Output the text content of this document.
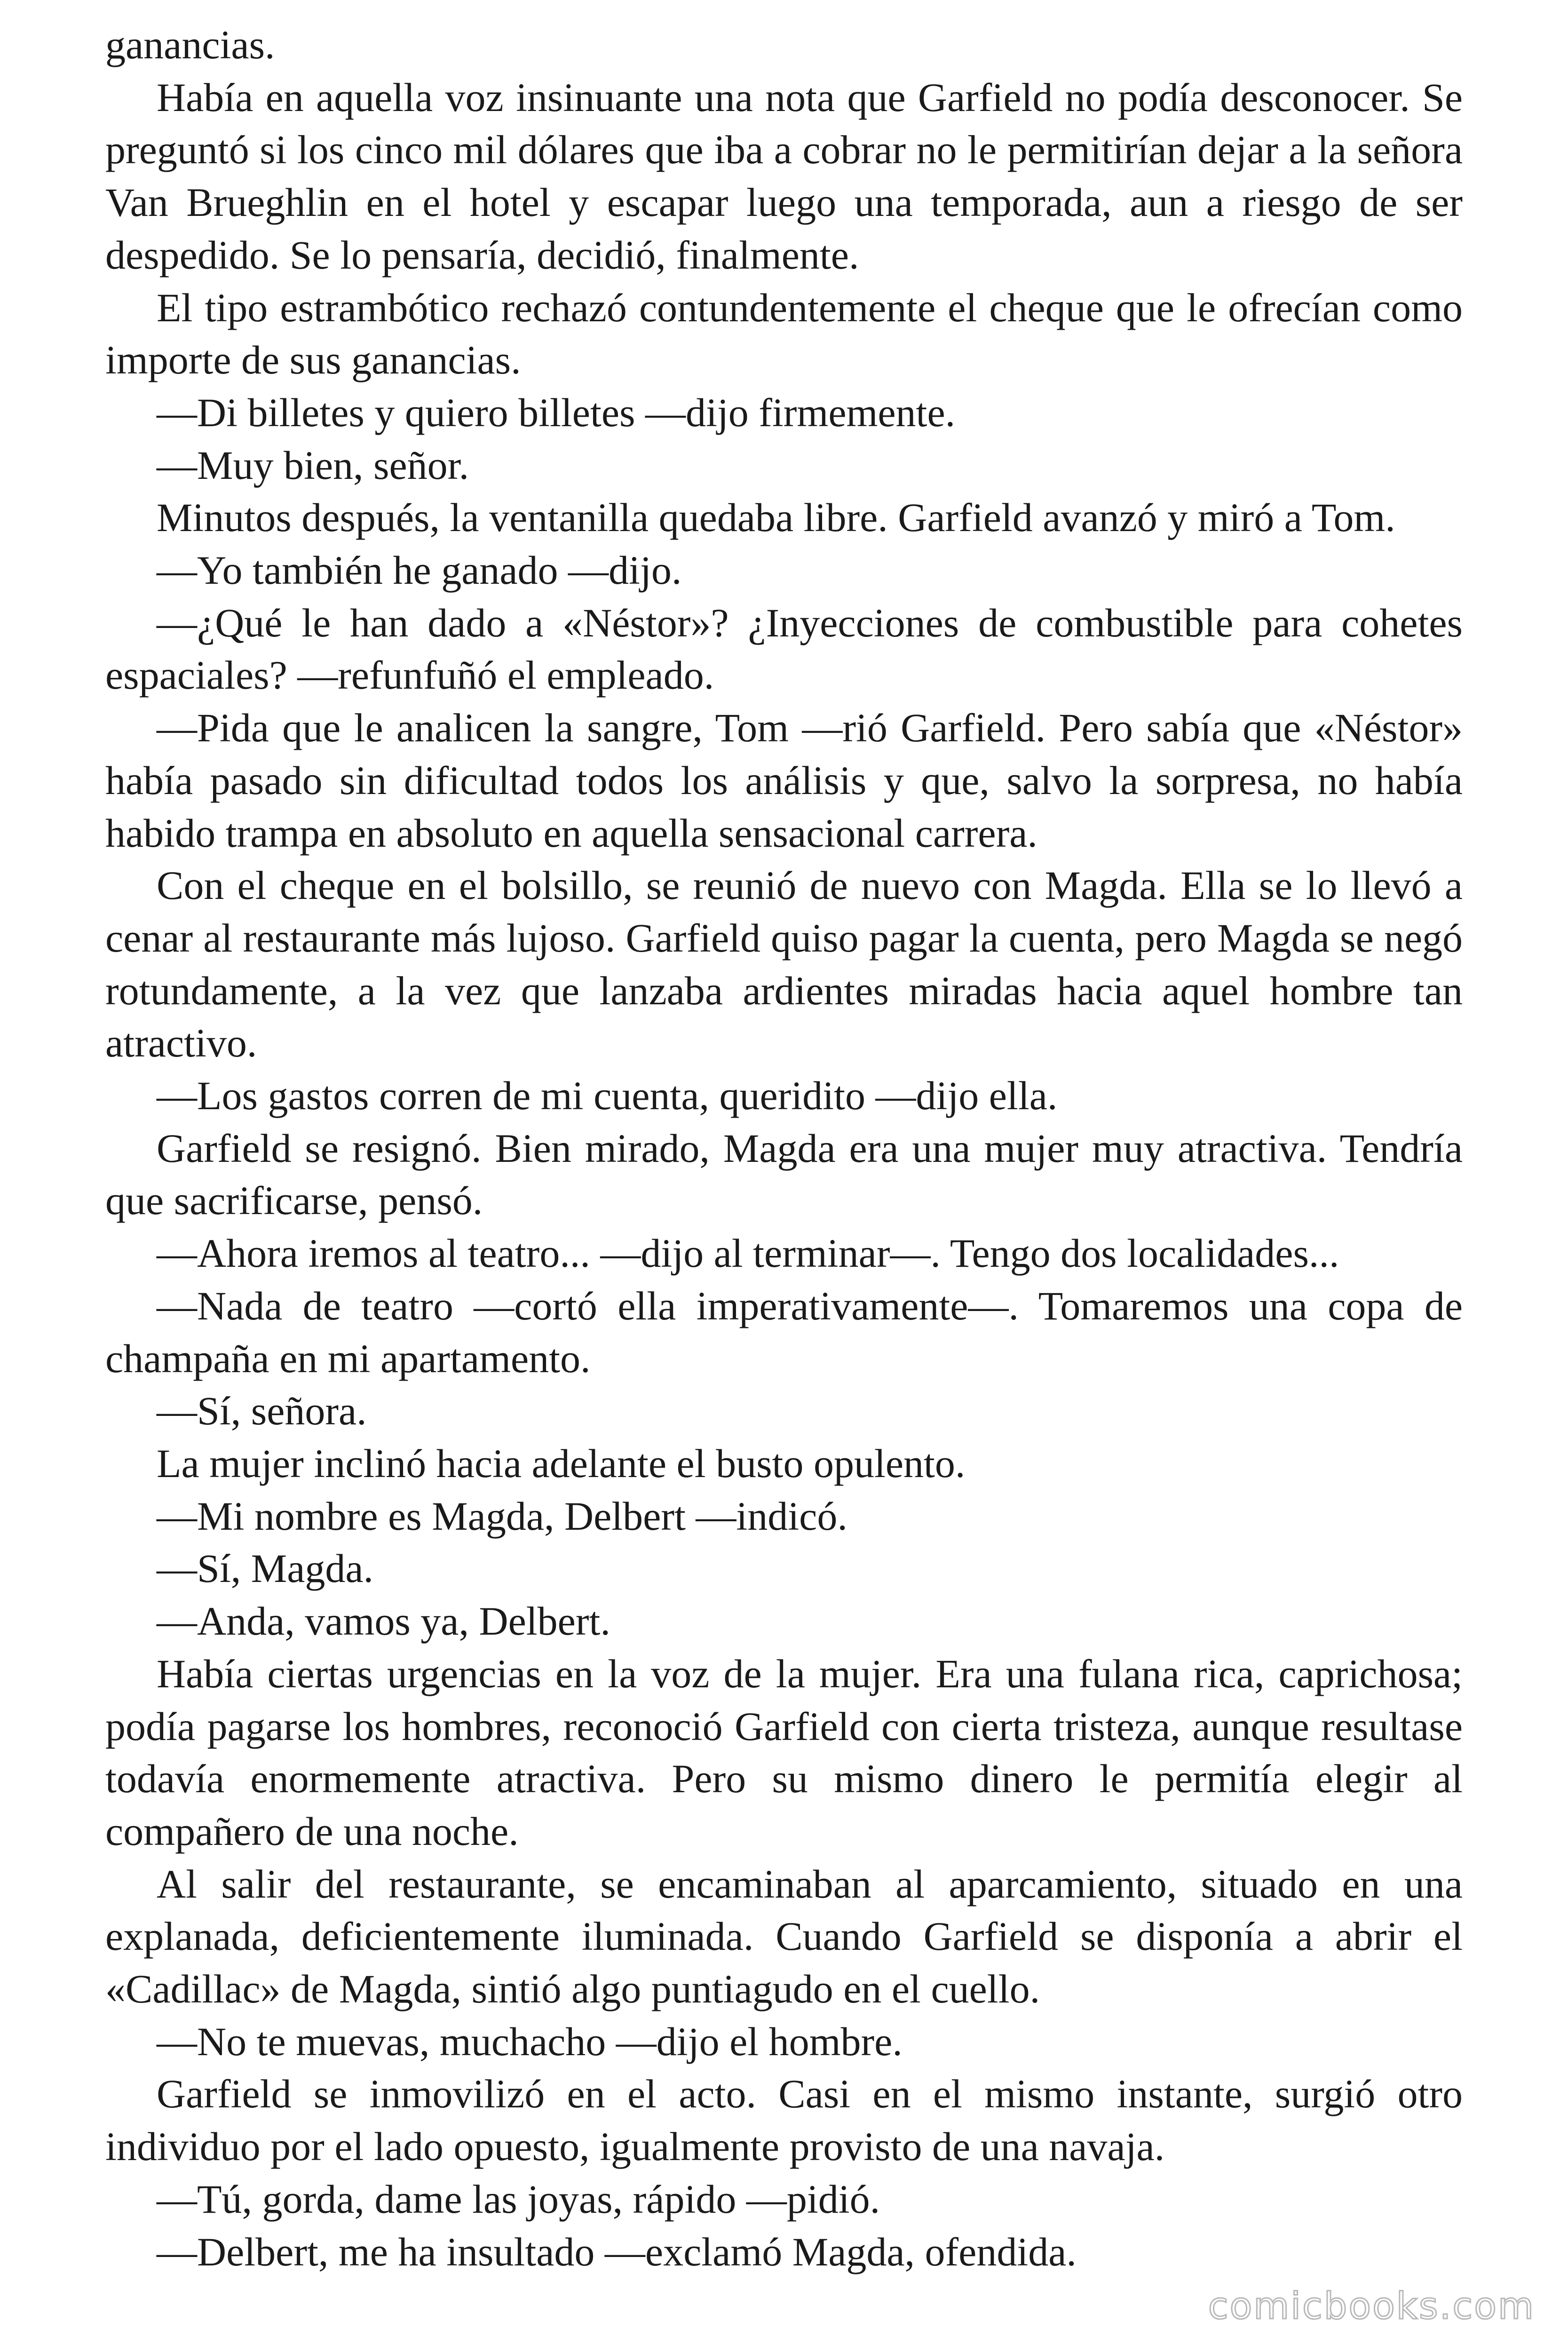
ganancias.

Había en aquella voz insinuante una nota que Garfield no podía desconocer. Se preguntó si los cinco mil dólares que iba a cobrar no le permitirían dejar a la señora Van Brueghlin en el hotel y escapar luego una temporada, aun a riesgo de ser despedido. Se lo pensaría, decidió, finalmente.

El tipo estrambótico rechazó contundentemente el cheque que le ofrecían como importe de sus ganancias.

—Di billetes y quiero billetes —dijo firmemente.

—Muy bien, señor.

Minutos después, la ventanilla quedaba libre. Garfield avanzó y miró a Tom.

—Yo también he ganado —dijo.

—¿Qué le han dado a «Néstor»? ¿Inyecciones de combustible para cohetes espaciales? —refunfuñó el empleado.

—Pida que le analicen la sangre, Tom —rió Garfield. Pero sabía que «Néstor» había pasado sin dificultad todos los análisis y que, salvo la sorpresa, no había habido trampa en absoluto en aquella sensacional carrera.

Con el cheque en el bolsillo, se reunió de nuevo con Magda. Ella se lo llevó a cenar al restaurante más lujoso. Garfield quiso pagar la cuenta, pero Magda se negó rotundamente, a la vez que lanzaba ardientes miradas hacia aquel hombre tan atractivo.

—Los gastos corren de mi cuenta, queridito —dijo ella.

Garfield se resignó. Bien mirado, Magda era una mujer muy atractiva. Tendría que sacrificarse, pensó.

—Ahora iremos al teatro... —dijo al terminar—. Tengo dos localidades...

—Nada de teatro —cortó ella imperativamente—. Tomaremos una copa de champaña en mi apartamento.

—Sí, señora.

La mujer inclinó hacia adelante el busto opulento.

—Mi nombre es Magda, Delbert —indicó.

—Sí, Magda.

—Anda, vamos ya, Delbert.

Había ciertas urgencias en la voz de la mujer. Era una fulana rica, caprichosa; podía pagarse los hombres, reconoció Garfield con cierta tristeza, aunque resultase todavía enormemente atractiva. Pero su mismo dinero le permitía elegir al compañero de una noche.

Al salir del restaurante, se encaminaban al aparcamiento, situado en una explanada, deficientemente iluminada. Cuando Garfield se disponía a abrir el «Cadillac» de Magda, sintió algo puntiagudo en el cuello.

—No te muevas, muchacho —dijo el hombre.

Garfield se inmovilizó en el acto. Casi en el mismo instante, surgió otro individuo por el lado opuesto, igualmente provisto de una navaja.

—Tú, gorda, dame las joyas, rápido —pidió.

—Delbert, me ha insultado —exclamó Magda, ofendida.

comicbooks.com
